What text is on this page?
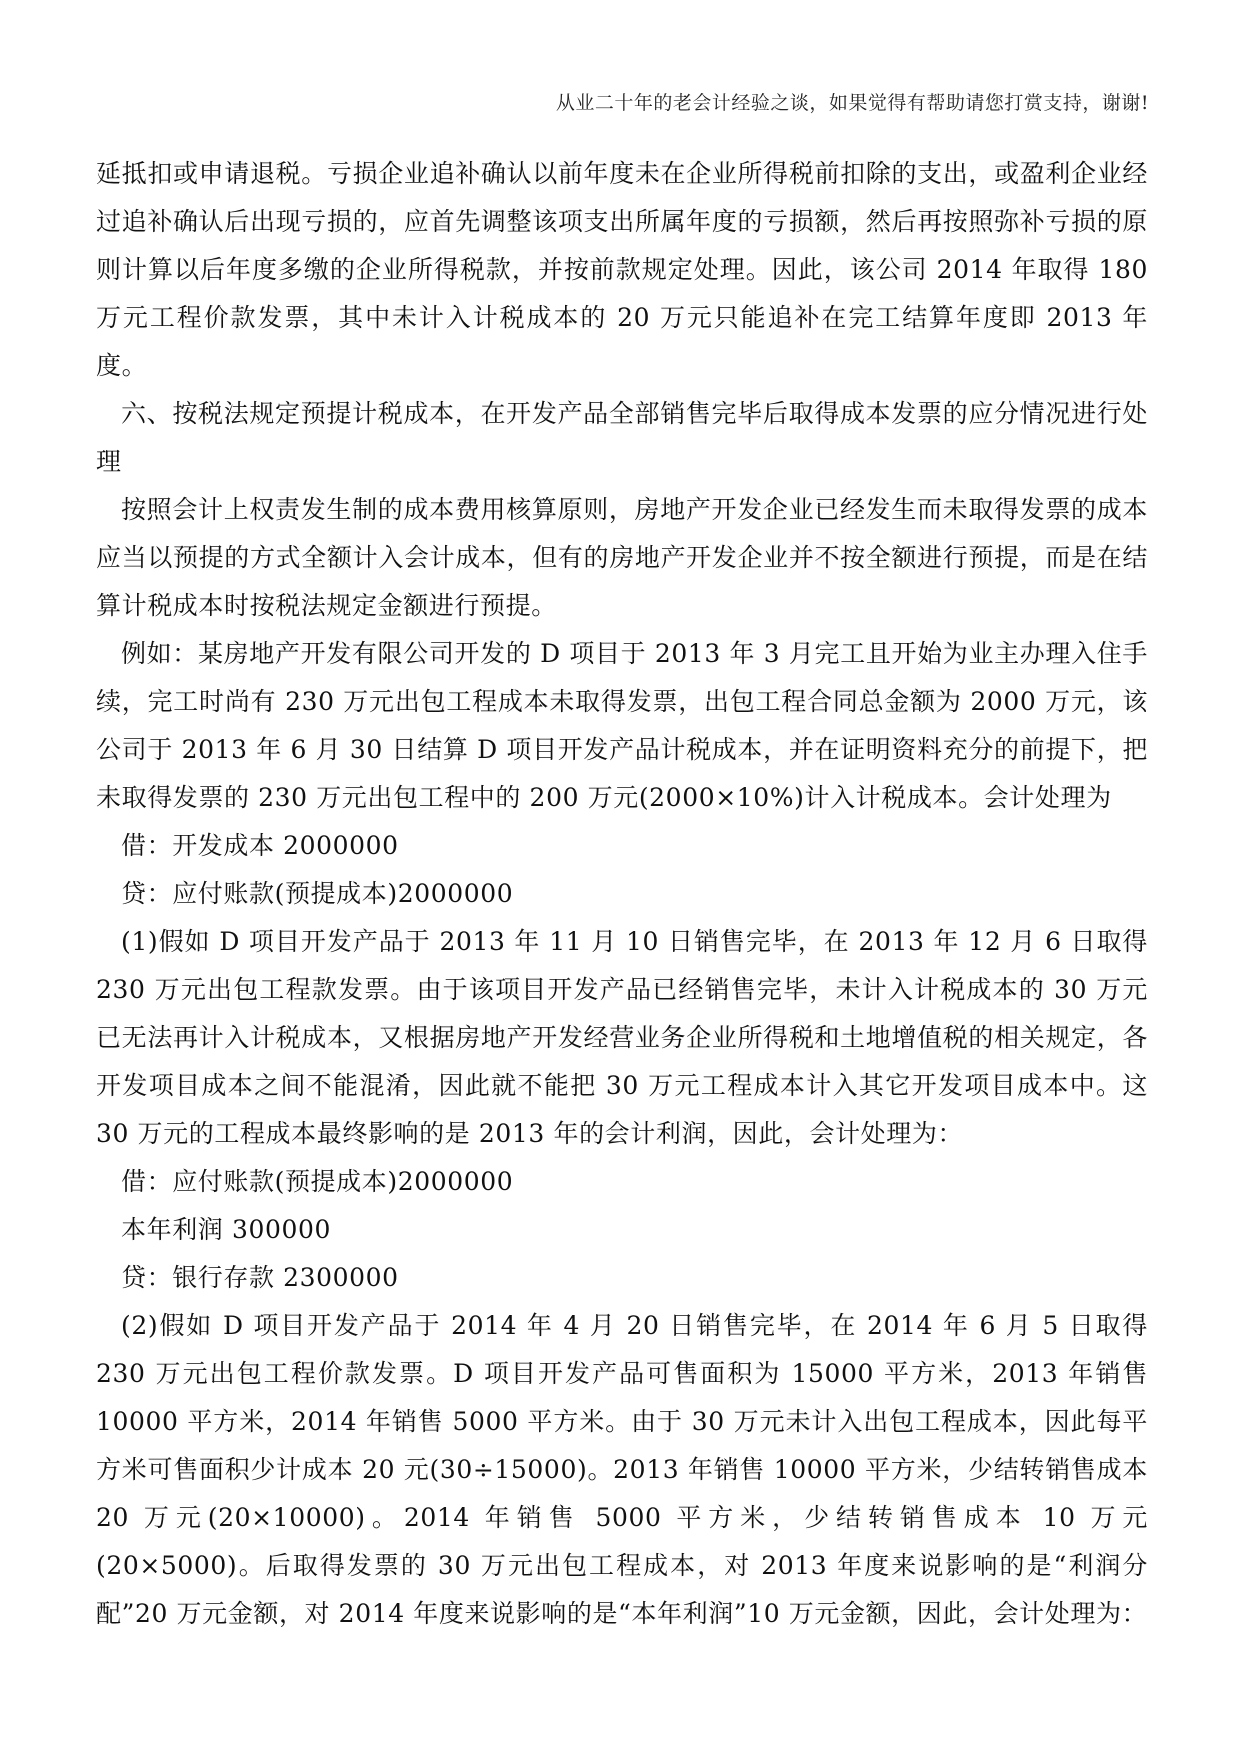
从业二十年的老会计经验之谈，如果觉得有帮助请您打赏支持，谢谢!

延抵扣或申请退税。亏损企业追补确认以前年度未在企业所得税前扣除的支出，或盈利企业经过追补确认后出现亏损的，应首先调整该项支出所属年度的亏损额，然后再按照弥补亏损的原则计算以后年度多缴的企业所得税款，并按前款规定处理。因此，该公司 2014 年取得 180 万元工程价款发票，其中未计入计税成本的 20 万元只能追补在完工结算年度即 2013 年度。

六、按税法规定预提计税成本，在开发产品全部销售完毕后取得成本发票的应分情况进行处理

按照会计上权责发生制的成本费用核算原则，房地产开发企业已经发生而未取得发票的成本应当以预提的方式全额计入会计成本，但有的房地产开发企业并不按全额进行预提，而是在结算计税成本时按税法规定金额进行预提。

例如：某房地产开发有限公司开发的 D 项目于 2013 年 3 月完工且开始为业主办理入住手续，完工时尚有 230 万元出包工程成本未取得发票，出包工程合同总金额为 2000 万元，该公司于 2013 年 6 月 30 日结算 D 项目开发产品计税成本，并在证明资料充分的前提下，把未取得发票的 230 万元出包工程中的 200 万元(2000×10%)计入计税成本。会计处理为

借：开发成本 2000000

贷：应付账款(预提成本)2000000

(1)假如 D 项目开发产品于 2013 年 11 月 10 日销售完毕，在 2013 年 12 月 6 日取得 230 万元出包工程款发票。由于该项目开发产品已经销售完毕，未计入计税成本的 30 万元已无法再计入计税成本，又根据房地产开发经营业务企业所得税和土地增值税的相关规定，各开发项目成本之间不能混淆，因此就不能把 30 万元工程成本计入其它开发项目成本中。这 30 万元的工程成本最终影响的是 2013 年的会计利润，因此，会计处理为：

借：应付账款(预提成本)2000000

本年利润 300000

贷：银行存款 2300000

(2)假如 D 项目开发产品于 2014 年 4 月 20 日销售完毕，在 2014 年 6 月 5 日取得 230 万元出包工程价款发票。D 项目开发产品可售面积为 15000 平方米，2013 年销售 10000 平方米，2014 年销售 5000 平方米。由于 30 万元未计入出包工程成本，因此每平方米可售面积少计成本 20 元(30÷15000)。2013 年销售 10000 平方米，少结转销售成本 20 万元(20×10000)。2014 年销售 5000 平方米，少结转销售成本 10 万元(20×5000)。后取得发票的 30 万元出包工程成本，对 2013 年度来说影响的是“利润分配”20 万元金额，对 2014 年度来说影响的是“本年利润”10 万元金额，因此，会计处理为：
